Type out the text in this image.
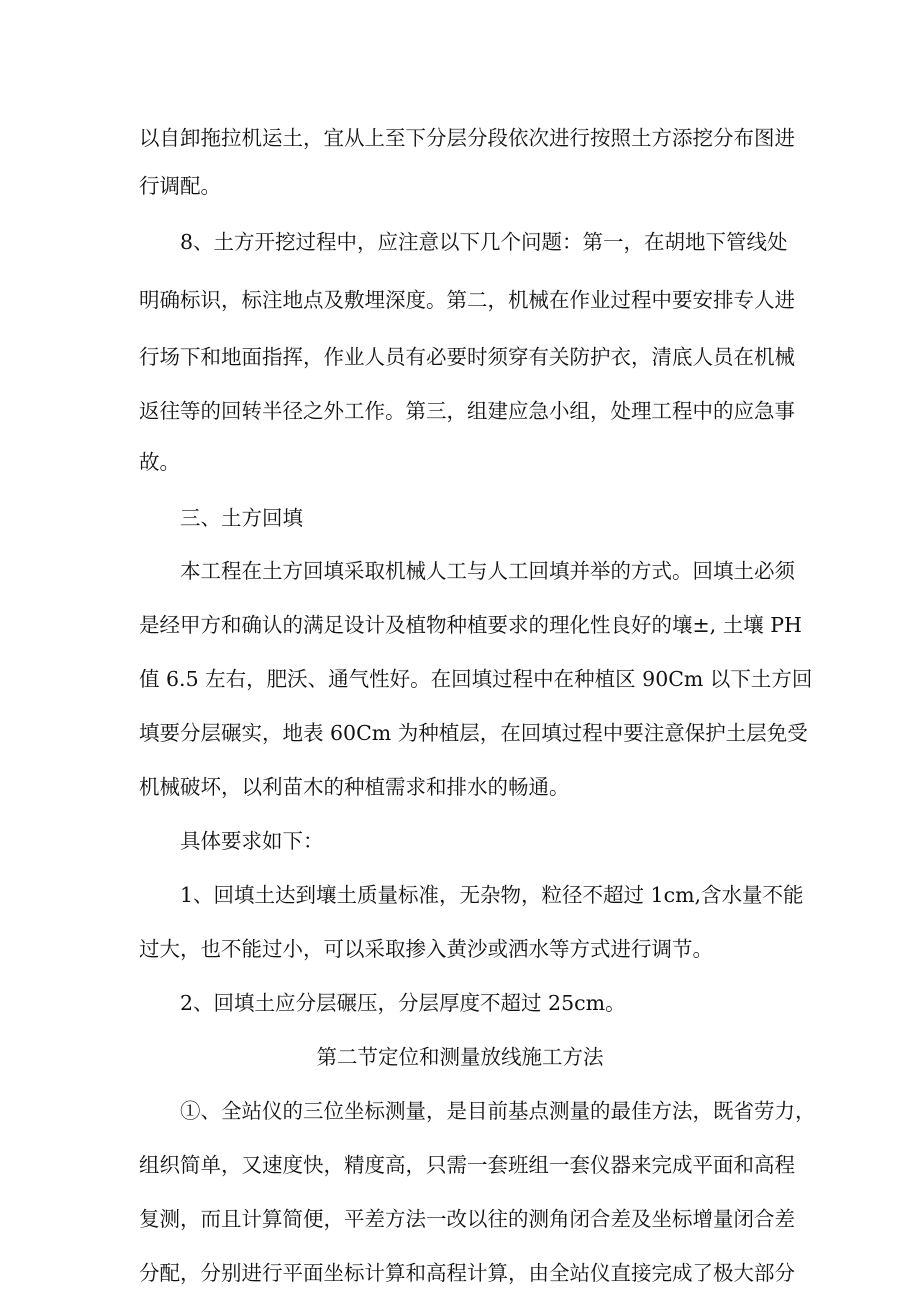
以自卸拖拉机运土，宜从上至下分层分段依次进行按照土方添挖分布图进
行调配。
8、土方开挖过程中，应注意以下几个问题：第一，在胡地下管线处
明确标识，标注地点及敷埋深度。第二，机械在作业过程中要安排专人进
行场下和地面指挥，作业人员有必要时须穿有关防护衣，清底人员在机械
返往等的回转半径之外工作。第三，组建应急小组，处理工程中的应急事
故。
三、土方回填
本工程在土方回填采取机械人工与人工回填并举的方式。回填土必须
是经甲方和确认的满足设计及植物种植要求的理化性良好的壤±, 土壤 PH
值 6.5 左右，肥沃、通气性好。在回填过程中在种植区 90Cm 以下土方回
填要分层碾实，地表 60Cm 为种植层，在回填过程中要注意保护土层免受
机械破坏，以利苗木的种植需求和排水的畅通。
具体要求如下：
1、回填土达到壤土质量标准，无杂物，粒径不超过 1cm,含水量不能
过大，也不能过小，可以采取掺入黄沙或洒水等方式进行调节。
2、回填土应分层碾压，分层厚度不超过 25cm。
第二节定位和测量放线施工方法
①、全站仪的三位坐标测量，是目前基点测量的最佳方法，既省劳力，
组织简单，又速度快，精度高，只需一套班组一套仪器来完成平面和高程
复测，而且计算简便，平差方法一改以往的测角闭合差及坐标增量闭合差
分配，分别进行平面坐标计算和高程计算，由全站仪直接完成了极大部分
